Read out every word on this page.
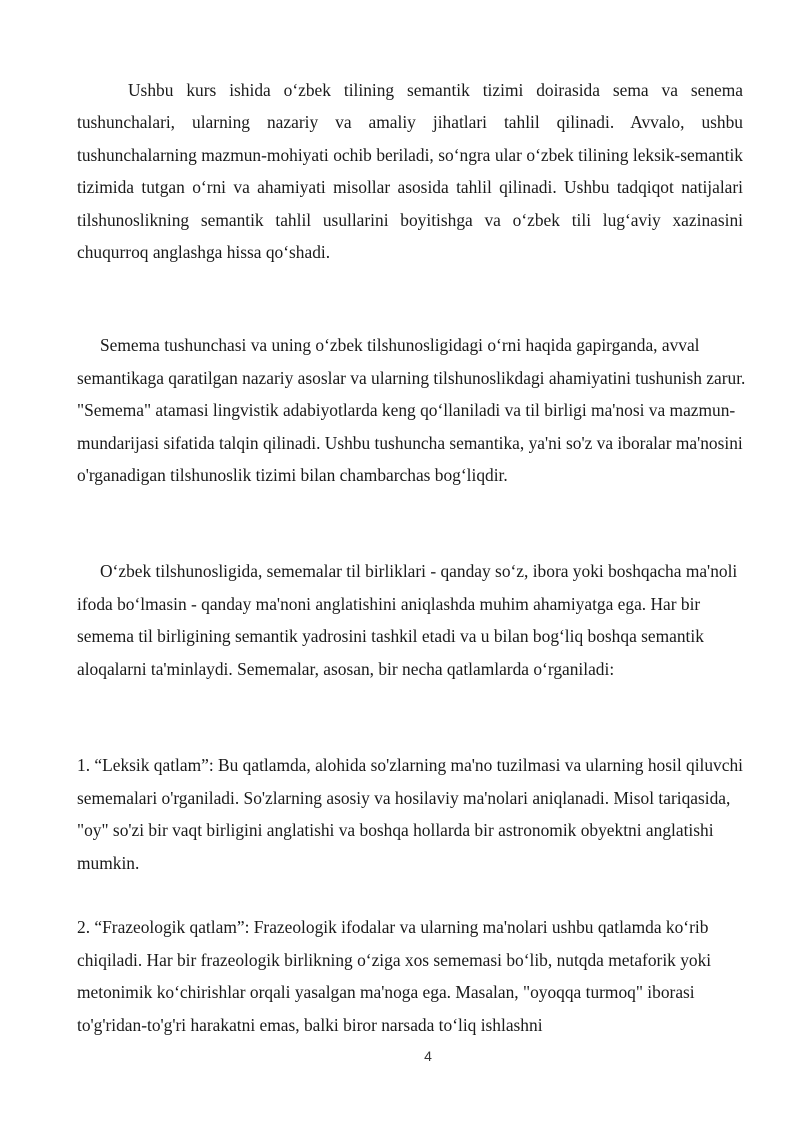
Ushbu kurs ishida o‘zbek tilining semantik tizimi doirasida sema va senema tushunchalari, ularning nazariy va amaliy jihatlari tahlil qilinadi. Avvalo, ushbu tushunchalarning mazmun-mohiyati ochib beriladi, so‘ngra ular o‘zbek tilining leksik-semantik tizimida tutgan o‘rni va ahamiyati misollar asosida tahlil qilinadi. Ushbu tadqiqot natijalari tilshunoslikning semantik tahlil usullarini boyitishga va o‘zbek tili lug‘aviy xazinasini chuqurroq anglashga hissa qo‘shadi.

Semema tushunchasi va uning o‘zbek tilshunosligidagi o‘rni haqida gapirganda, avval semantikaga qaratilgan nazariy asoslar va ularning tilshunoslikdagi ahamiyatini tushunish zarur. "Semema" atamasi lingvistik adabiyotlarda keng qo‘llaniladi va til birligi ma'nosi va mazmun-mundarijasi sifatida talqin qilinadi. Ushbu tushuncha semantika, ya'ni so'z va iboralar ma'nosini o'rganadigan tilshunoslik tizimi bilan chambarchas bog‘liqdir.

O‘zbek tilshunosligida, sememalar til birliklari - qanday so‘z, ibora yoki boshqacha ma'noli ifoda bo‘lmasin - qanday ma'noni anglatishini aniqlashda muhim ahamiyatga ega. Har bir semema til birligining semantik yadrosini tashkil etadi va u bilan bog‘liq boshqa semantik aloqalarni ta'minlaydi. Sememalar, asosan, bir necha qatlamlarda o‘rganiladi:

1. “Leksik qatlam”: Bu qatlamda, alohida so'zlarning ma'no tuzilmasi va ularning hosil qiluvchi sememalari o'rganiladi. So'zlarning asosiy va hosilaviy ma'nolari aniqlanadi. Misol tariqasida, "oy" so'zi bir vaqt birligini anglatishi va boshqa hollarda bir astronomik obyektni anglatishi mumkin.

2. “Frazeologik qatlam”: Frazeologik ifodalar va ularning ma'nolari ushbu qatlamda ko‘rib chiqiladi. Har bir frazeologik birlikning o‘ziga xos sememasi bo‘lib, nutqda metaforik yoki metonimik ko‘chirishlar orqali yasalgan ma'noga ega. Masalan, "oyoqqa turmoq" iborasi to'g'ridan-to'g'ri harakatni emas, balki biror narsada to‘liq ishlashni

4
